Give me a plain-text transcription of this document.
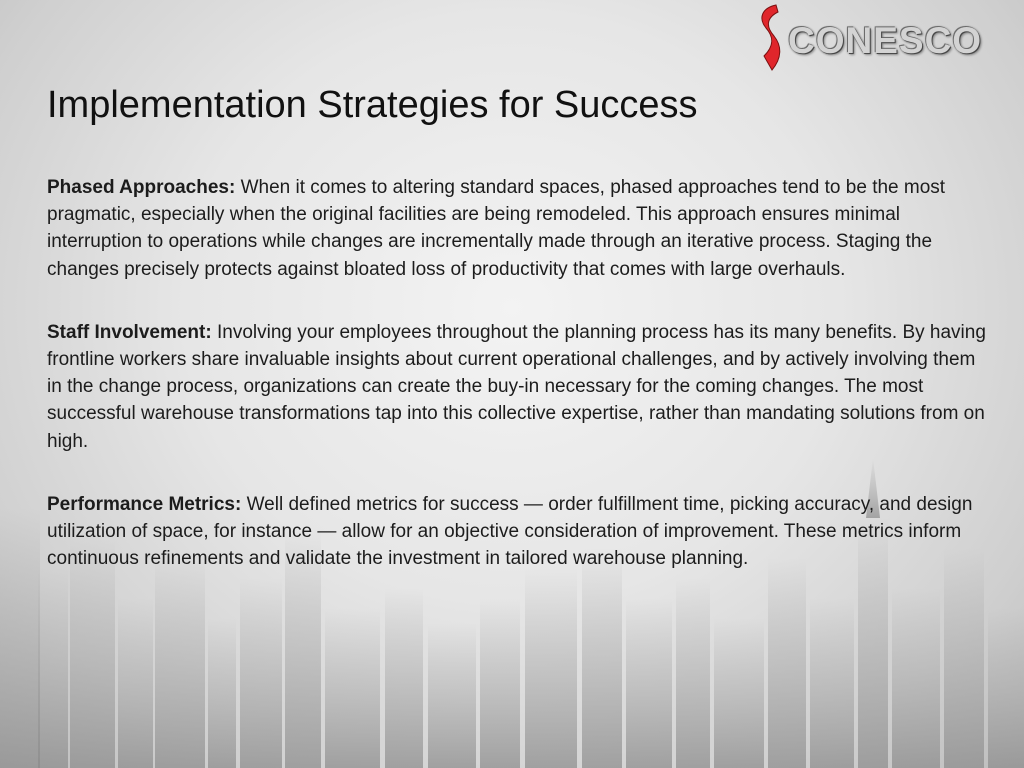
CONESCO
Implementation Strategies for Success

Phased Approaches: When it comes to altering standard spaces, phased approaches tend to be the most pragmatic, especially when the original facilities are being remodeled. This approach ensures minimal interruption to operations while changes are incrementally made through an iterative process. Staging the changes precisely protects against bloated loss of productivity that comes with large overhauls.

Staff Involvement: Involving your employees throughout the planning process has its many benefits. By having frontline workers share invaluable insights about current operational challenges, and by actively involving them in the change process, organizations can create the buy-in necessary for the coming changes. The most successful warehouse transformations tap into this collective expertise, rather than mandating solutions from on high.

Performance Metrics: Well defined metrics for success — order fulfillment time, picking accuracy, and design utilization of space, for instance — allow for an objective consideration of improvement. These metrics inform continuous refinements and validate the investment in tailored warehouse planning.
